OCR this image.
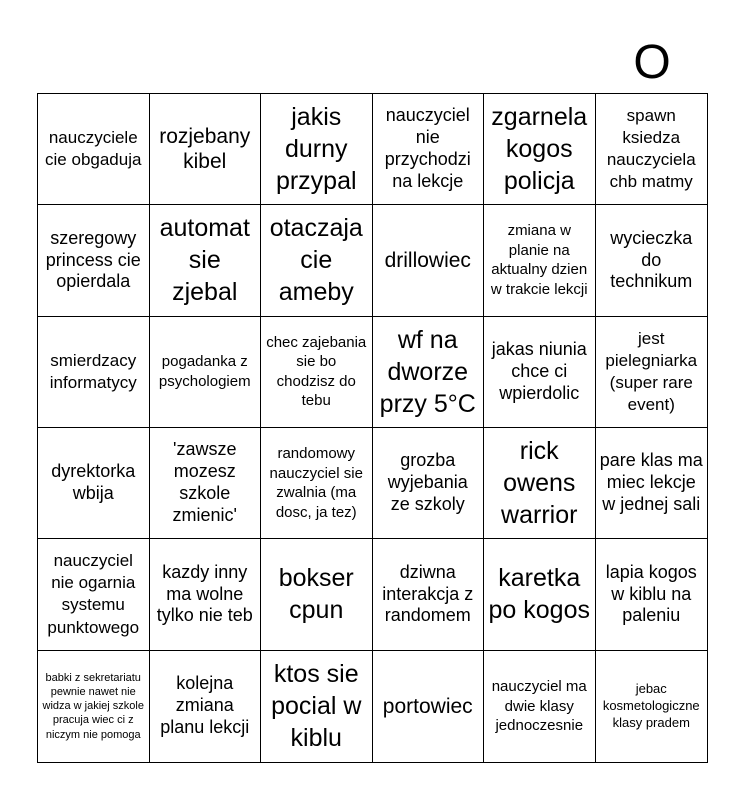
O
nauczyciele cie obgaduja
rozjebany kibel
jakis durny przypal
nauczyciel nie przychodzi na lekcje
zgarnela kogos policja
spawn ksiedza nauczyciela chb matmy
szeregowy princess cie opierdala
automat sie zjebal
otaczaja cie ameby
drillowiec
zmiana w planie na aktualny dzien w trakcie lekcji
wycieczka do technikum
smierdzacy informatycy
pogadanka z psychologiem
chec zajebania sie bo chodzisz do tebu
wf na dworze przy 5°C
jakas niunia chce ci wpierdolic
jest pielegniarka (super rare event)
dyrektorka wbija
'zawsze mozesz szkole zmienic'
randomowy nauczyciel sie zwalnia (ma dosc, ja tez)
grozba wyjebania ze szkoly
rick owens warrior
pare klas ma miec lekcje w jednej sali
nauczyciel nie ogarnia systemu punktowego
kazdy inny ma wolne tylko nie teb
bokser cpun
dziwna interakcja z randomem
karetka po kogos
lapia kogos w kiblu na paleniu
babki z sekretariatu pewnie nawet nie widza w jakiej szkole pracuja wiec ci z niczym nie pomoga
kolejna zmiana planu lekcji
ktos sie pocial w kiblu
portowiec
nauczyciel ma dwie klasy jednoczesnie
jebac kosmetologiczne klasy pradem
